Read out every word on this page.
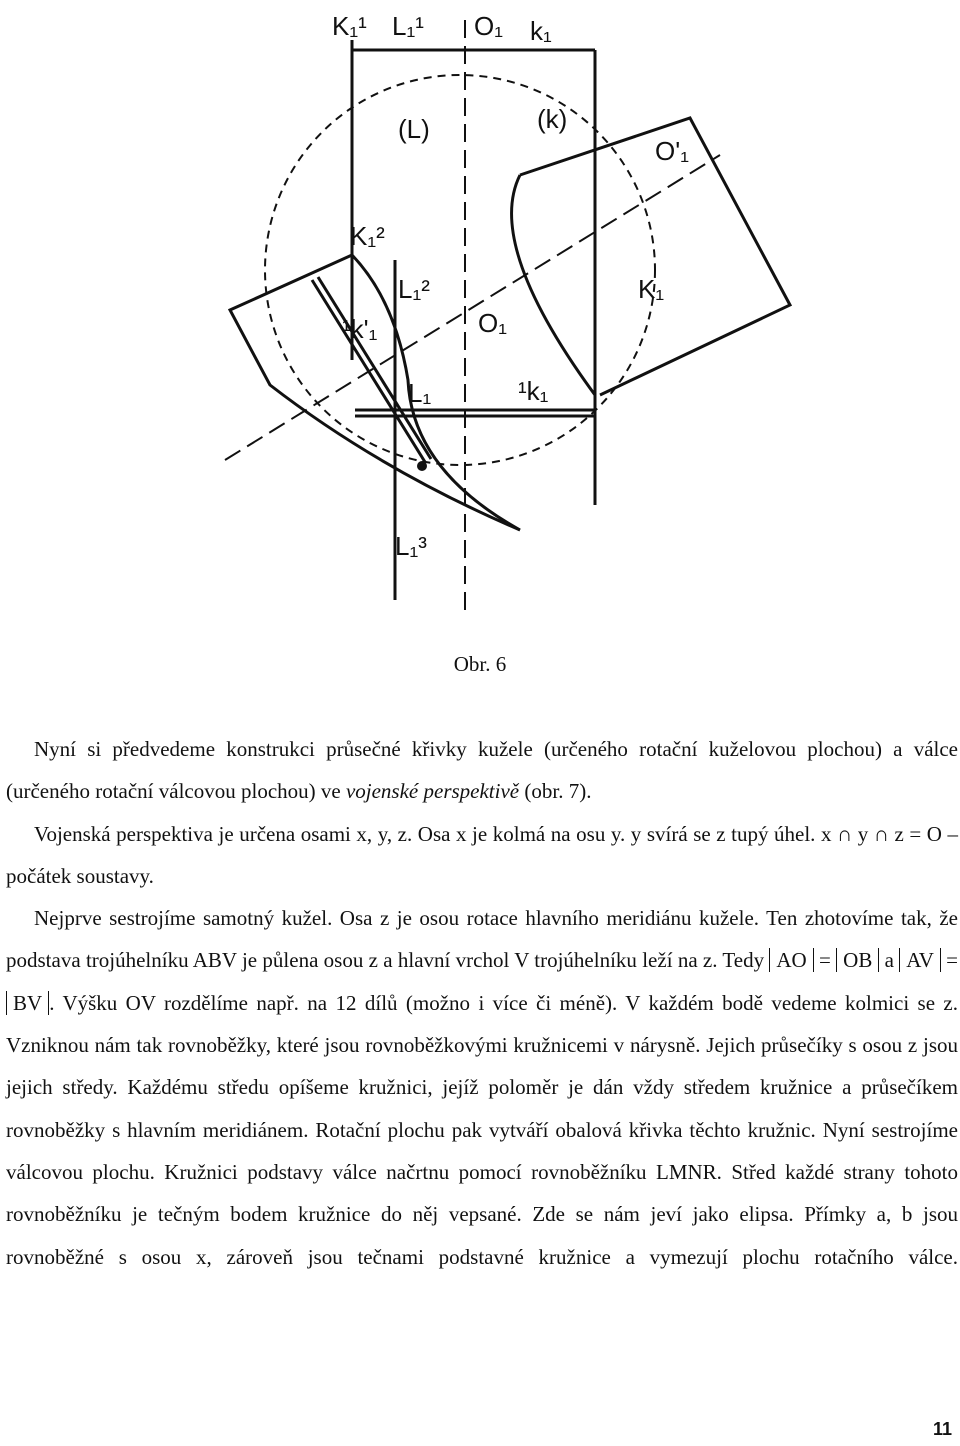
K₁¹ L₁¹ O₁ k₁
(L)	(k)
O'₁
K₁²
L₁²
¹k'₁	O₁
K₁
L₁	¹k₁
L₁³
Obr. 6

Nyní si předvedeme konstrukci průsečné křivky kužele (určeného rotační kuželovou plochou) a válce (určeného rotační válcovou plochou) ve vojenské perspektivě (obr. 7).

Vojenská perspektiva je určena osami x, y, z. Osa x je kolmá na osu y. y svírá se z tupý úhel. x ∩ y ∩ z = O – počátek soustavy.

Nejprve sestrojíme samotný kužel. Osa z je osou rotace hlavního meridiánu kužele. Ten zhotovíme tak, že podstava trojúhelníku ABV je půlena osou z a hlavní vrchol V trojúhelníku leží na z. Tedy AO = OB a AV = BV . Výšku OV rozdělíme např. na 12 dílů (možno i více či méně). V každém bodě vedeme kolmici se z. Vzniknou nám tak rovnoběžky, které jsou rovnoběžkovými kružnicemi v nárysně. Jejich průsečíky s osou z jsou jejich středy. Každému středu opíšeme kružnici, jejíž poloměr je dán vždy středem kružnice a průsečíkem rovnoběžky s hlavním meridiánem. Rotační plochu pak vytváří obalová křivka těchto kružnic. Nyní sestrojíme válcovou plochu. Kružnici podstavy válce načrtnu pomocí rovnoběžníku LMNR. Střed každé strany tohoto rovnoběžníku je tečným bodem kružnice do něj vepsané. Zde se nám jeví jako elipsa. Přímky a, b jsou rovnoběžné s osou x, zároveň jsou tečnami podstavné kružnice a vymezují plochu rotačního válce.

11
